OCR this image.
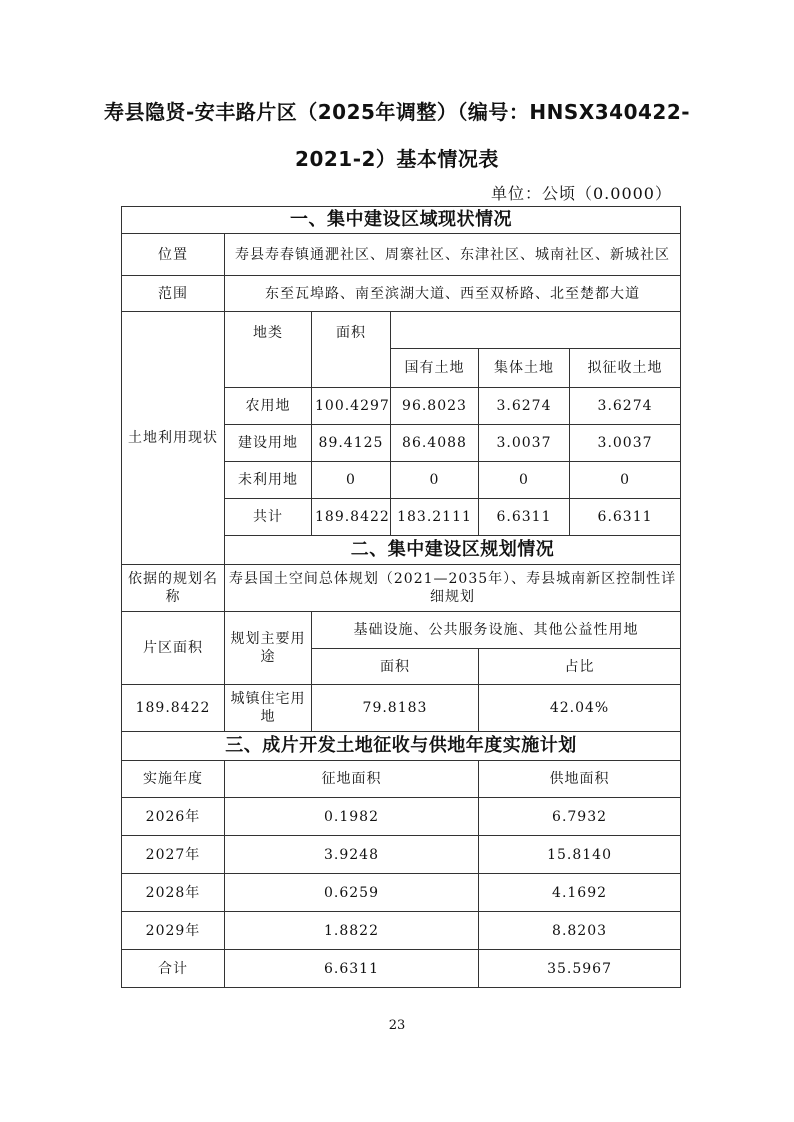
寿县隐贤-安丰路片区（2025年调整）（编号：HNSX340422-
2021-2）基本情况表
单位：公顷（0.0000）
一、集中建设区域现状情况					
位置	寿县寿春镇通淝社区、周寨社区、东津社区、城南社区、新城社区				
范围	东至瓦埠路、南至滨湖大道、西至双桥路、北至楚都大道				
土地利用现状	地类	面积			
			国有土地	集体土地	拟征收土地
	农用地	100.4297	96.8023	3.6274	3.6274
	建设用地	89.4125	86.4088	3.0037	3.0037
	未利用地	0	0	0	0
	共计	189.8422	183.2111	6.6311	6.6311
	二、集中建设区规划情况				
依据的规划名称	寿县国土空间总体规划（2021—2035年）、寿县城南新区控制性详细规划				
片区面积	规划主要用途	基础设施、公共服务设施、其他公益性用地			
		面积		占比	
189.8422	城镇住宅用地	79.8183		42.04%	
三、成片开发土地征收与供地年度实施计划					
实施年度	征地面积			供地面积	
2026年	0.1982			6.7932	
2027年	3.9248			15.8140	
2028年	0.6259			4.1692	
2029年	1.8822			8.8203	
合计	6.6311			35.5967	
23
